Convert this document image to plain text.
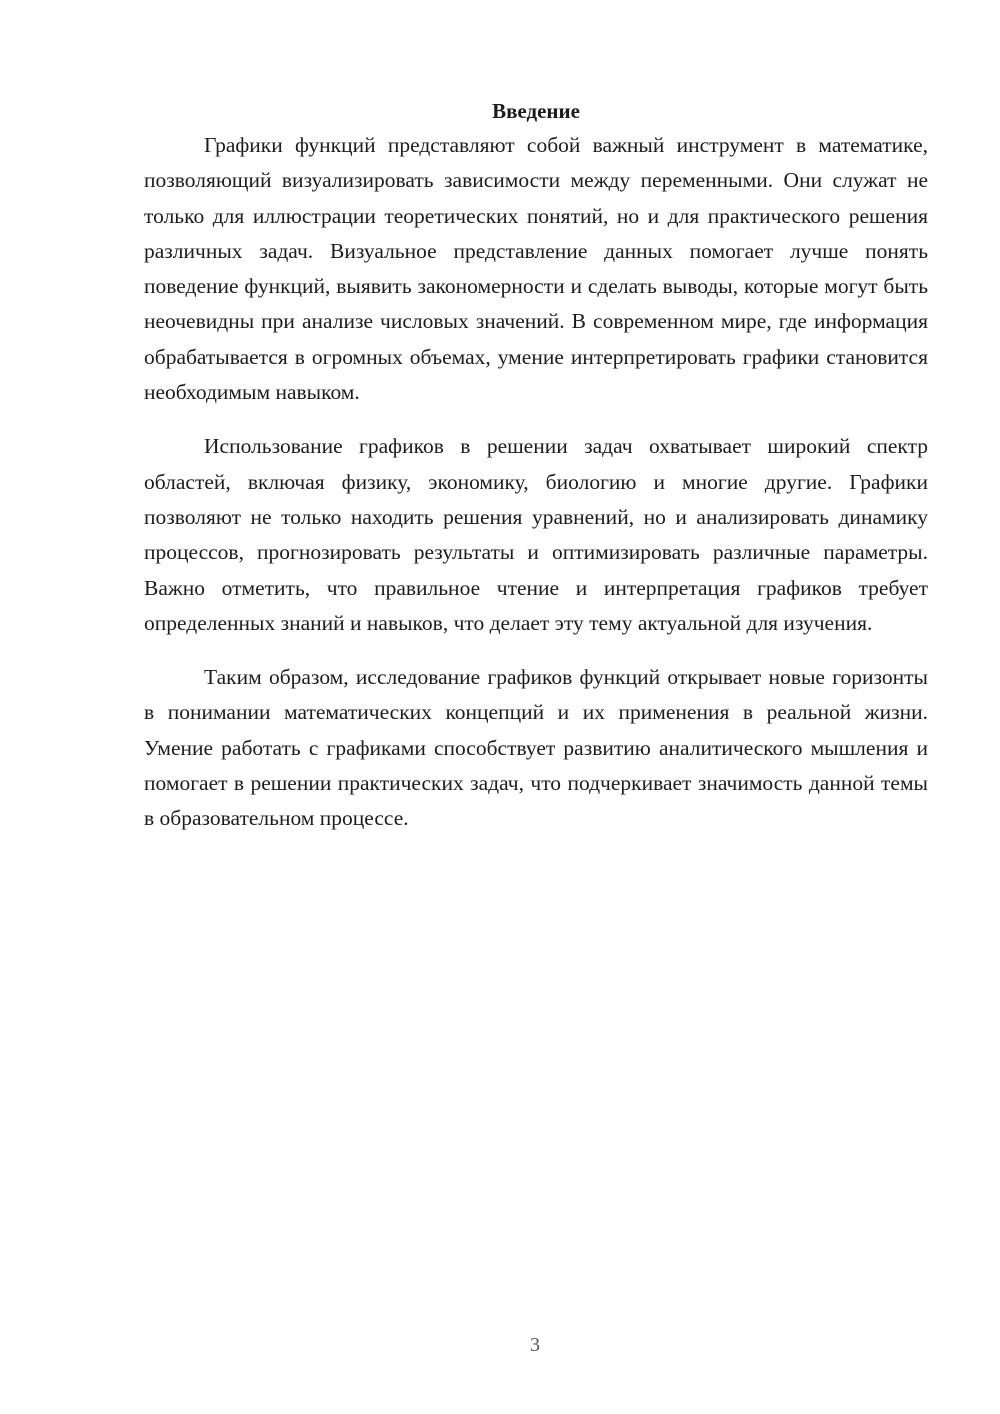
Введение

Графики функций представляют собой важный инструмент в математике, позволяющий визуализировать зависимости между переменными. Они служат не только для иллюстрации теоретических понятий, но и для практического решения различных задач. Визуальное представление данных помогает лучше понять поведение функций, выявить закономерности и сделать выводы, которые могут быть неочевидны при анализе числовых значений. В современном мире, где информация обрабатывается в огромных объемах, умение интерпретировать графики становится необходимым навыком.

Использование графиков в решении задач охватывает широкий спектр областей, включая физику, экономику, биологию и многие другие. Графики позволяют не только находить решения уравнений, но и анализировать динамику процессов, прогнозировать результаты и оптимизировать различные параметры. Важно отметить, что правильное чтение и интерпретация графиков требует определенных знаний и навыков, что делает эту тему актуальной для изучения.

Таким образом, исследование графиков функций открывает новые горизонты в понимании математических концепций и их применения в реальной жизни. Умение работать с графиками способствует развитию аналитического мышления и помогает в решении практических задач, что подчеркивает значимость данной темы в образовательном процессе.

3
